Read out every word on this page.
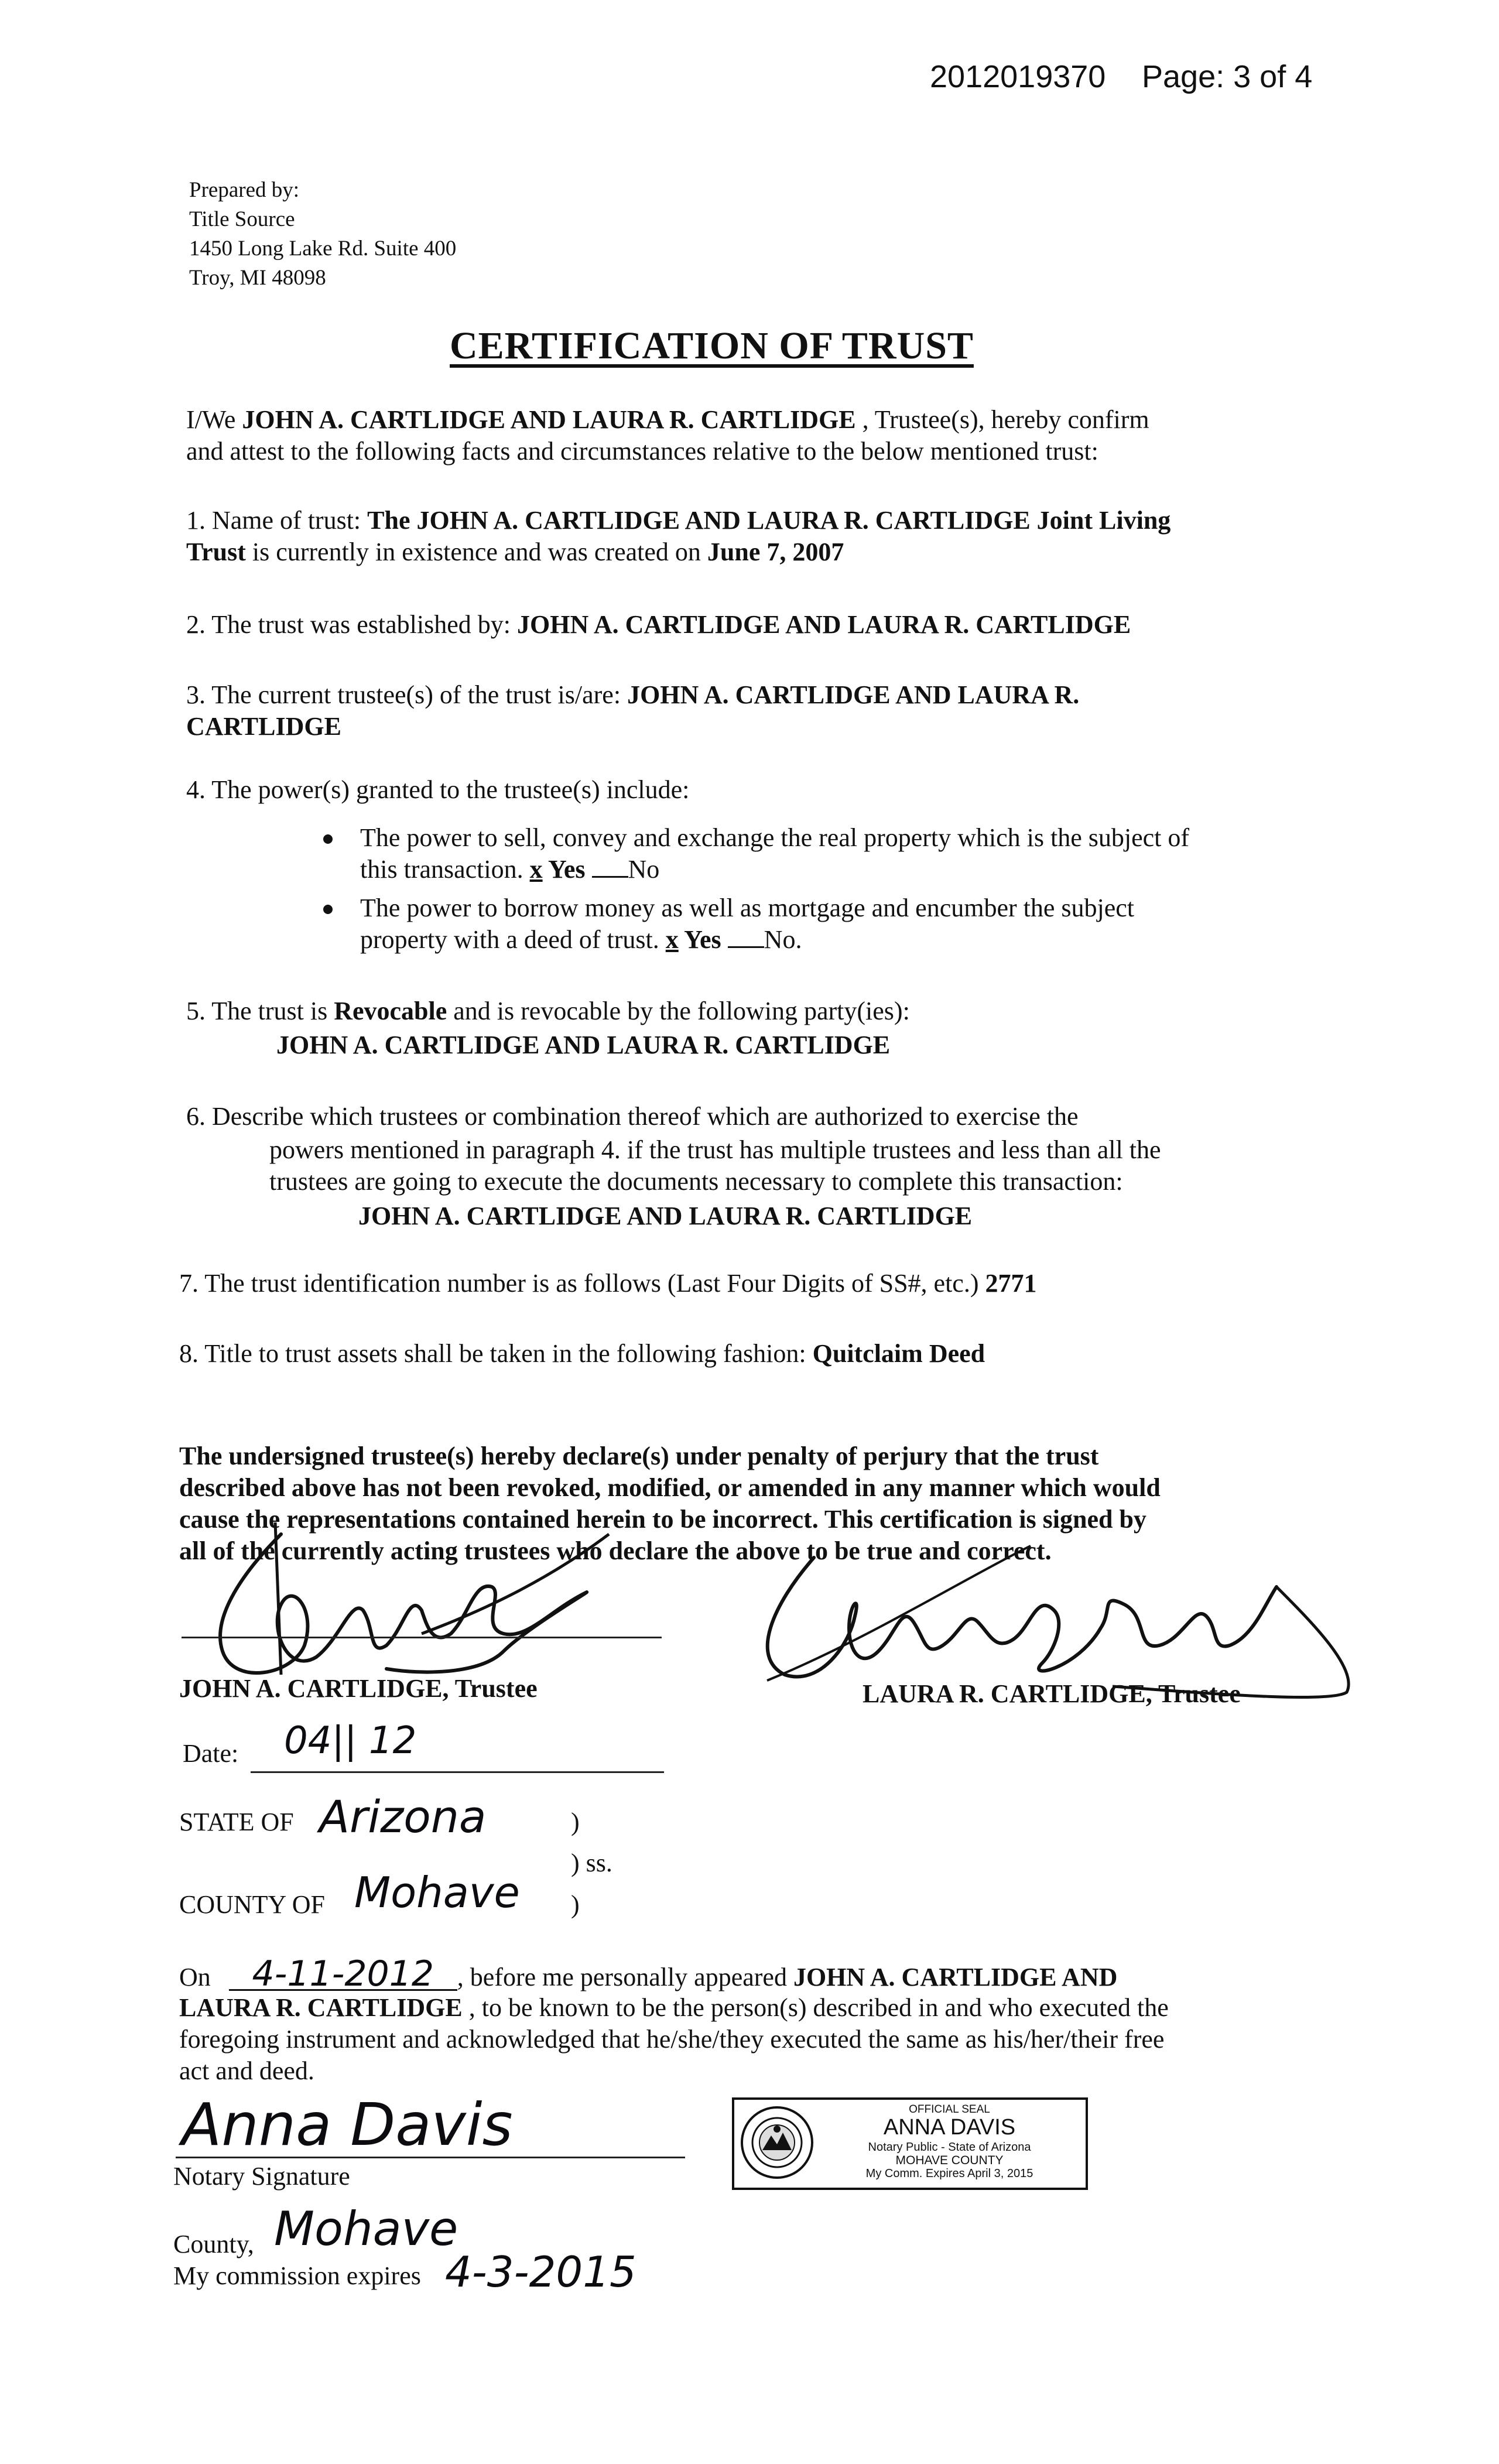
2012019370 Page: 3 of 4
Prepared by:
Title Source
1450 Long Lake Rd. Suite 400
Troy, MI 48098
CERTIFICATION OF TRUST
I/We JOHN A. CARTLIDGE AND LAURA R. CARTLIDGE , Trustee(s), hereby confirm
and attest to the following facts and circumstances relative to the below mentioned trust:
1. Name of trust: The JOHN A. CARTLIDGE AND LAURA R. CARTLIDGE Joint Living
Trust is currently in existence and was created on June 7, 2007
2. The trust was established by: JOHN A. CARTLIDGE AND LAURA R. CARTLIDGE
3. The current trustee(s) of the trust is/are: JOHN A. CARTLIDGE AND LAURA R.
CARTLIDGE
4. The power(s) granted to the trustee(s) include:
The power to sell, convey and exchange the real property which is the subject of
this transaction. x Yes No
The power to borrow money as well as mortgage and encumber the subject
property with a deed of trust. x Yes No.
5. The trust is Revocable and is revocable by the following party(ies):
JOHN A. CARTLIDGE AND LAURA R. CARTLIDGE
6. Describe which trustees or combination thereof which are authorized to exercise the
powers mentioned in paragraph 4. if the trust has multiple trustees and less than all the
trustees are going to execute the documents necessary to complete this transaction:
JOHN A. CARTLIDGE AND LAURA R. CARTLIDGE
7. The trust identification number is as follows (Last Four Digits of SS#, etc.) 2771
8. Title to trust assets shall be taken in the following fashion: Quitclaim Deed
The undersigned trustee(s) hereby declare(s) under penalty of perjury that the trust
described above has not been revoked, modified, or amended in any manner which would
cause the representations contained herein to be incorrect. This certification is signed by
all of the currently acting trustees who declare the above to be true and correct.
JOHN A. CARTLIDGE, Trustee	LAURA R. CARTLIDGE, Trustee
Date: 04|| 12
STATE OF Arizona	)
) ss.
COUNTY OF Mohave )
On 4-11-2012 , before me personally appeared JOHN A. CARTLIDGE AND
LAURA R. CARTLIDGE , to be known to be the person(s) described in and who executed the
foregoing instrument and acknowledged that he/she/they executed the same as his/her/their free
act and deed.
Anna Davis
Notary Signature
OFFICIAL SEAL
ANNA DAVIS
Notary Public - State of Arizona
MOHAVE COUNTY
My Comm. Expires April 3, 2015
County, Mohave
My commission expires 4-3-2015
